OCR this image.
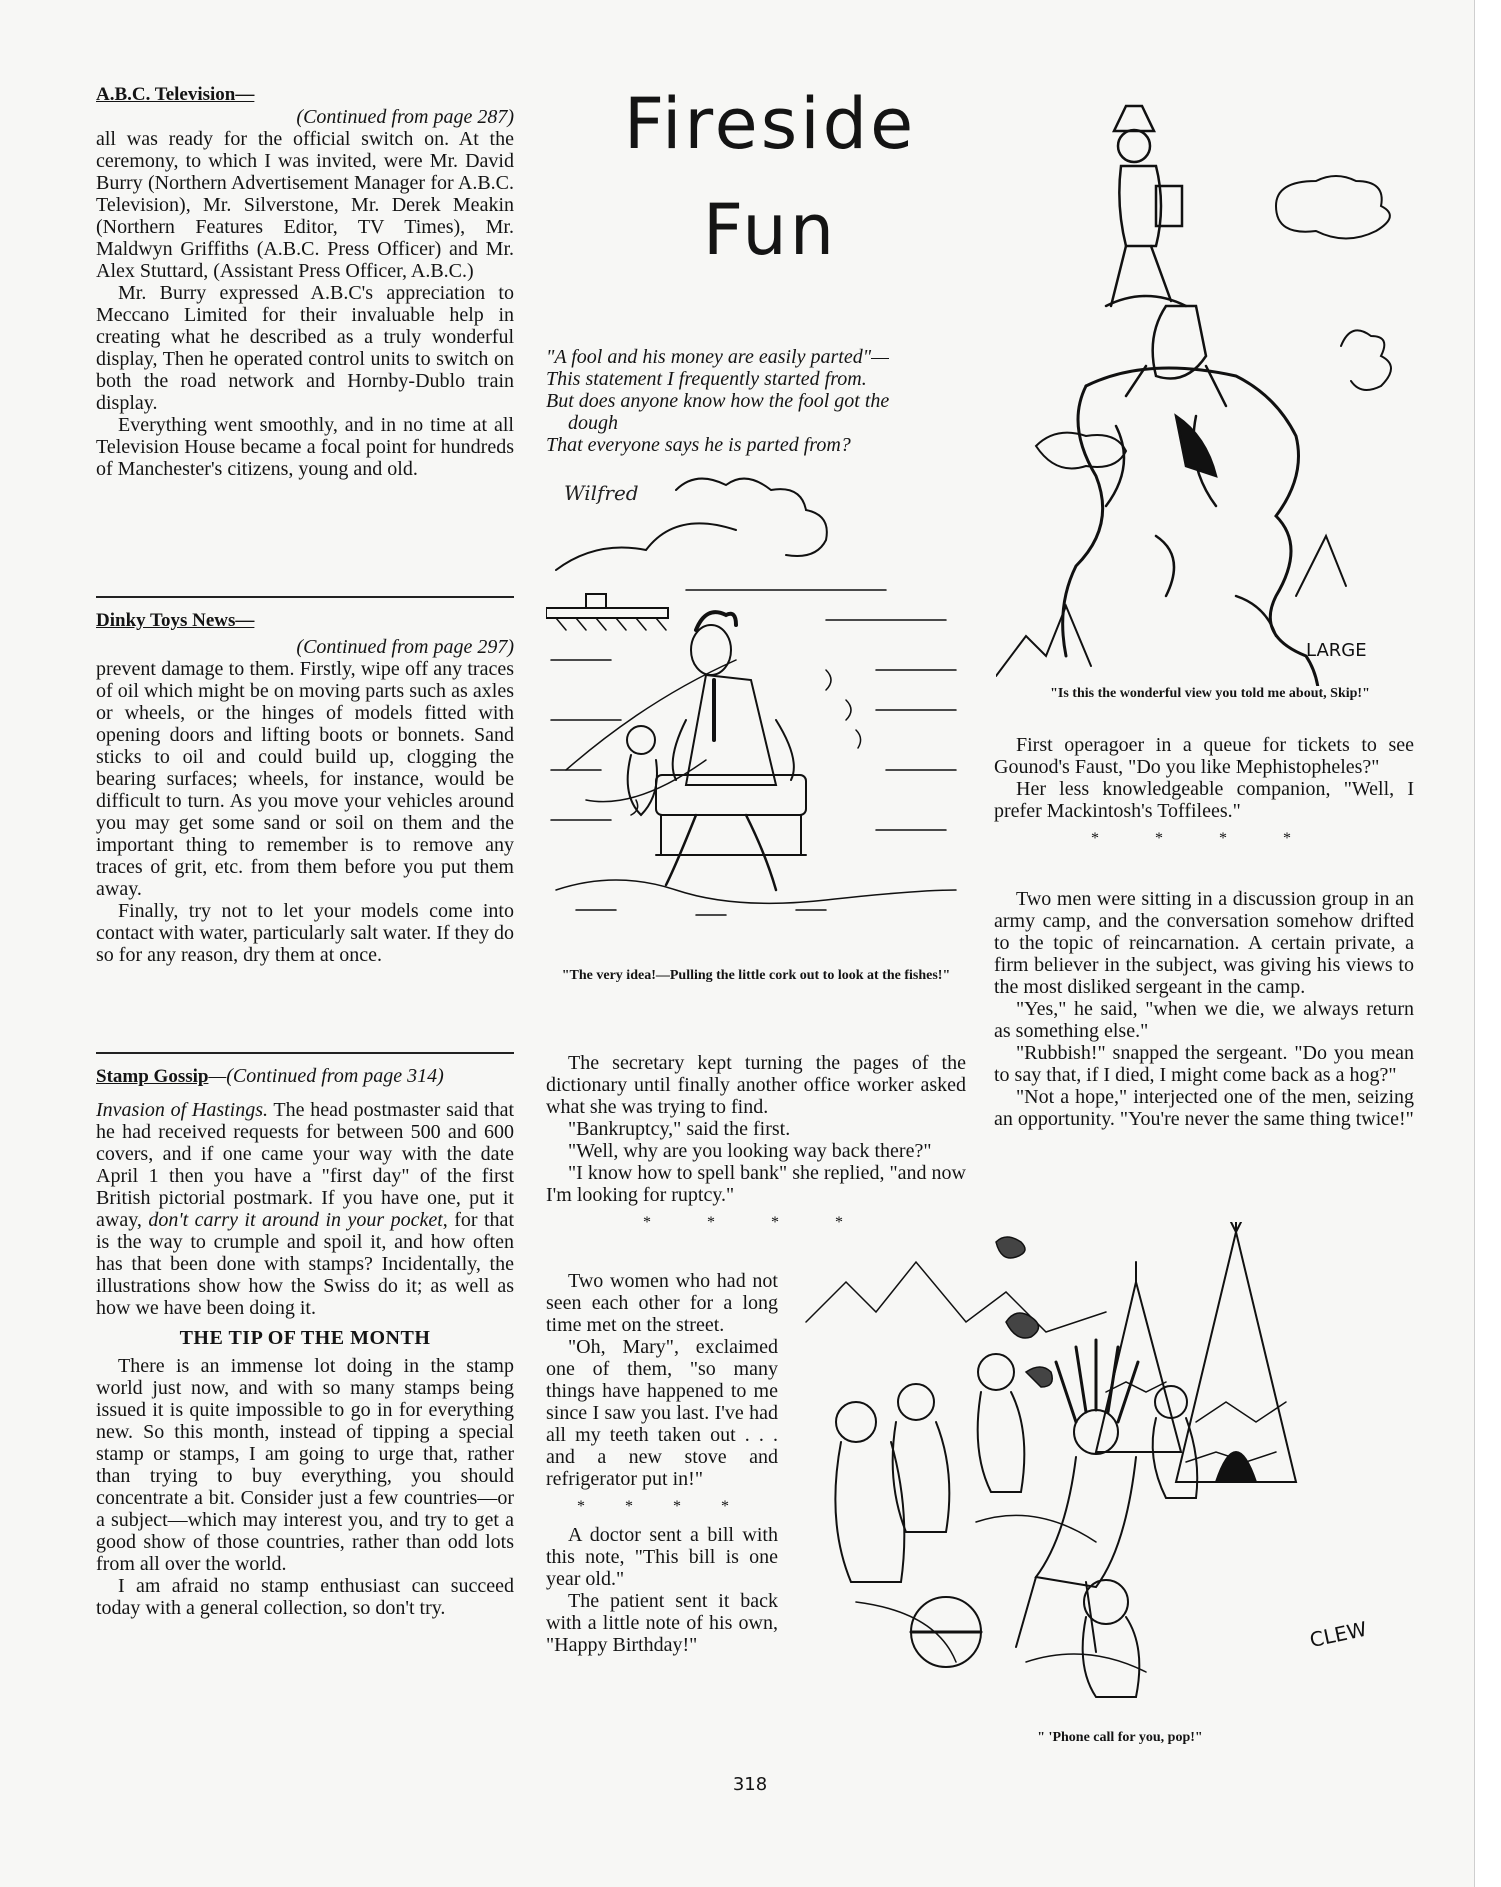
A.B.C. Television—
(Continued from page 287)

all was ready for the official switch on. At the ceremony, to which I was invited, were Mr. David Burry (Northern Advertisement Manager for A.B.C. Television), Mr. Silverstone, Mr. Derek Meakin (Northern Features Editor, TV Times), Mr. Maldwyn Griffiths (A.B.C. Press Officer) and Mr. Alex Stuttard, (Assistant Press Officer, A.B.C.)

Mr. Burry expressed A.B.C's appreciation to Meccano Limited for their invaluable help in creating what he described as a truly wonderful display, Then he operated control units to switch on both the road network and Hornby-Dublo train display.

Everything went smoothly, and in no time at all Television House became a focal point for hundreds of Manchester's citizens, young and old.

Dinky Toys News—
(Continued from page 297)

prevent damage to them. Firstly, wipe off any traces of oil which might be on moving parts such as axles or wheels, or the hinges of models fitted with opening doors and lifting boots or bonnets. Sand sticks to oil and could build up, clogging the bearing surfaces; wheels, for instance, would be difficult to turn. As you move your vehicles around you may get some sand or soil on them and the important thing to remember is to remove any traces of grit, etc. from them before you put them away.

Finally, try not to let your models come into contact with water, particularly salt water. If they do so for any reason, dry them at once.

Stamp Gossip—(Continued from page 314)

Invasion of Hastings. The head postmaster said that he had received requests for between 500 and 600 covers, and if one came your way with the date April 1 then you have a "first day" of the first British pictorial postmark. If you have one, put it away, don't carry it around in your pocket, for that is the way to crumple and spoil it, and how often has that been done with stamps? Incidentally, the illustrations show how the Swiss do it; as well as how we have been doing it.

THE TIP OF THE MONTH

There is an immense lot doing in the stamp world just now, and with so many stamps being issued it is quite impossible to go in for everything new. So this month, instead of tipping a special stamp or stamps, I am going to urge that, rather than trying to buy everything, you should concentrate a bit. Consider just a few countries—or a subject—which may interest you, and try to get a good show of those countries, rather than odd lots from all over the world.

I am afraid no stamp enthusiast can succeed today with a general collection, so don't try.

Fireside
Fun
"A fool and his money are easily parted"—
This statement I frequently started from.
But does anyone know how the fool got the
dough
That everyone says he is parted from?
Wilfred
"The very idea!—Pulling the little cork out to look at the fishes!"

The secretary kept turning the pages of the dictionary until finally another office worker asked what she was trying to find.

"Bankruptcy," said the first.

"Well, why are you looking way back there?"

"I know how to spell bank" she replied, "and now I'm looking for ruptcy."

* * * *

Two women who had not seen each other for a long time met on the street.

"Oh, Mary", exclaimed one of them, "so many things have happened to me since I saw you last. I've had all my teeth taken out . . . and a new stove and refrigerator put in!"

* * * *

A doctor sent a bill with this note, "This bill is one year old."

The patient sent it back with a little note of his own, "Happy Birthday!"

318
LARGE
"Is this the wonderful view you told me about, Skip!"

First operagoer in a queue for tickets to see Gounod's Faust, "Do you like Mephistopheles?"

Her less knowledgeable companion, "Well, I prefer Mackintosh's Toffilees."

* * * *

Two men were sitting in a discussion group in an army camp, and the conversation somehow drifted to the topic of reincarnation. A certain private, a firm believer in the subject, was giving his views to the most disliked sergeant in the camp.

"Yes," he said, "when we die, we always return as something else."

"Rubbish!" snapped the sergeant. "Do you mean to say that, if I died, I might come back as a hog?"

"Not a hope," interjected one of the men, seizing an opportunity. "You're never the same thing twice!"

CLEW
" 'Phone call for you, pop!"
